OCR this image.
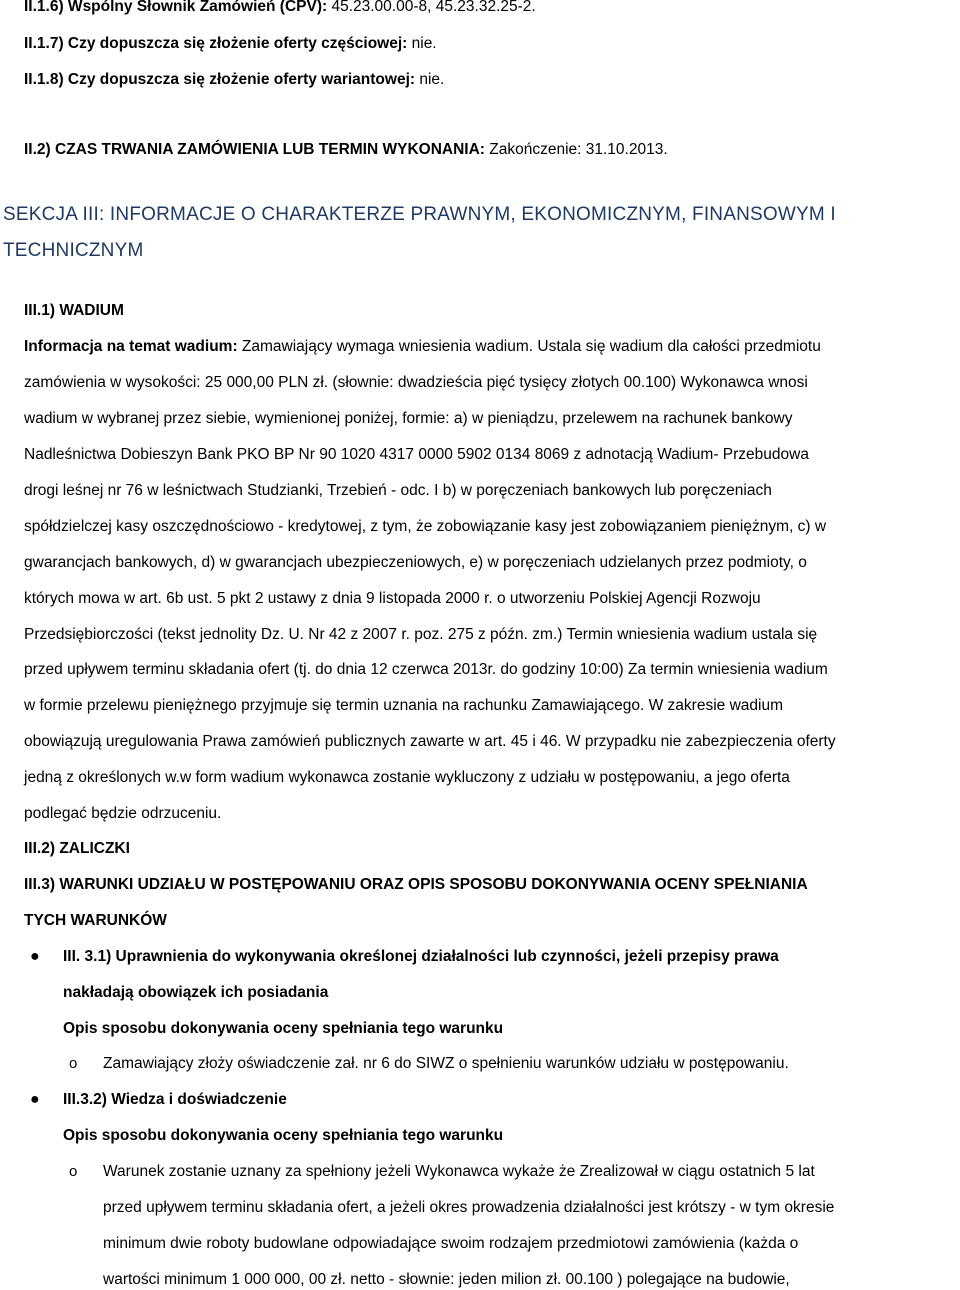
II.1.6) Wspólny Słownik Zamówień (CPV): 45.23.00.00-8, 45.23.32.25-2.
II.1.7) Czy dopuszcza się złożenie oferty częściowej: nie.
II.1.8) Czy dopuszcza się złożenie oferty wariantowej: nie.
II.2) CZAS TRWANIA ZAMÓWIENIA LUB TERMIN WYKONANIA: Zakończenie: 31.10.2013.
SEKCJA III: INFORMACJE O CHARAKTERZE PRAWNYM, EKONOMICZNYM, FINANSOWYM I
TECHNICZNYM
III.1) WADIUM
Informacja na temat wadium: Zamawiający wymaga wniesienia wadium. Ustala się wadium dla całości przedmiotu
zamówienia w wysokości: 25 000,00 PLN zł. (słownie: dwadzieścia pięć tysięcy złotych 00.100) Wykonawca wnosi
wadium w wybranej przez siebie, wymienionej poniżej, formie: a) w pieniądzu, przelewem na rachunek bankowy
Nadleśnictwa Dobieszyn Bank PKO BP Nr 90 1020 4317 0000 5902 0134 8069 z adnotacją Wadium- Przebudowa
drogi leśnej nr 76 w leśnictwach Studzianki, Trzebień - odc. I b) w poręczeniach bankowych lub poręczeniach
spółdzielczej kasy oszczędnościowo - kredytowej, z tym, że zobowiązanie kasy jest zobowiązaniem pieniężnym, c) w
gwarancjach bankowych, d) w gwarancjach ubezpieczeniowych, e) w poręczeniach udzielanych przez podmioty, o
których mowa w art. 6b ust. 5 pkt 2 ustawy z dnia 9 listopada 2000 r. o utworzeniu Polskiej Agencji Rozwoju
Przedsiębiorczości (tekst jednolity Dz. U. Nr 42 z 2007 r. poz. 275 z późn. zm.) Termin wniesienia wadium ustala się
przed upływem terminu składania ofert (tj. do dnia 12 czerwca 2013r. do godziny 10:00) Za termin wniesienia wadium
w formie przelewu pieniężnego przyjmuje się termin uznania na rachunku Zamawiającego. W zakresie wadium
obowiązują uregulowania Prawa zamówień publicznych zawarte w art. 45 i 46. W przypadku nie zabezpieczenia oferty
jedną z określonych w.w form wadium wykonawca zostanie wykluczony z udziału w postępowaniu, a jego oferta
podlegać będzie odrzuceniu.
III.2) ZALICZKI
III.3) WARUNKI UDZIAŁU W POSTĘPOWANIU ORAZ OPIS SPOSOBU DOKONYWANIA OCENY SPEŁNIANIA
TYCH WARUNKÓW
● III. 3.1) Uprawnienia do wykonywania określonej działalności lub czynności, jeżeli przepisy prawa
nakładają obowiązek ich posiadania
Opis sposobu dokonywania oceny spełniania tego warunku
o Zamawiający złoży oświadczenie zał. nr 6 do SIWZ o spełnieniu warunków udziału w postępowaniu.
● III.3.2) Wiedza i doświadczenie
Opis sposobu dokonywania oceny spełniania tego warunku
o Warunek zostanie uznany za spełniony jeżeli Wykonawca wykaże że Zrealizował w ciągu ostatnich 5 lat
przed upływem terminu składania ofert, a jeżeli okres prowadzenia działalności jest krótszy - w tym okresie
minimum dwie roboty budowlane odpowiadające swoim rodzajem przedmiotowi zamówienia (każda o
wartości minimum 1 000 000, 00 zł. netto - słownie: jeden milion zł. 00.100 ) polegające na budowie,
